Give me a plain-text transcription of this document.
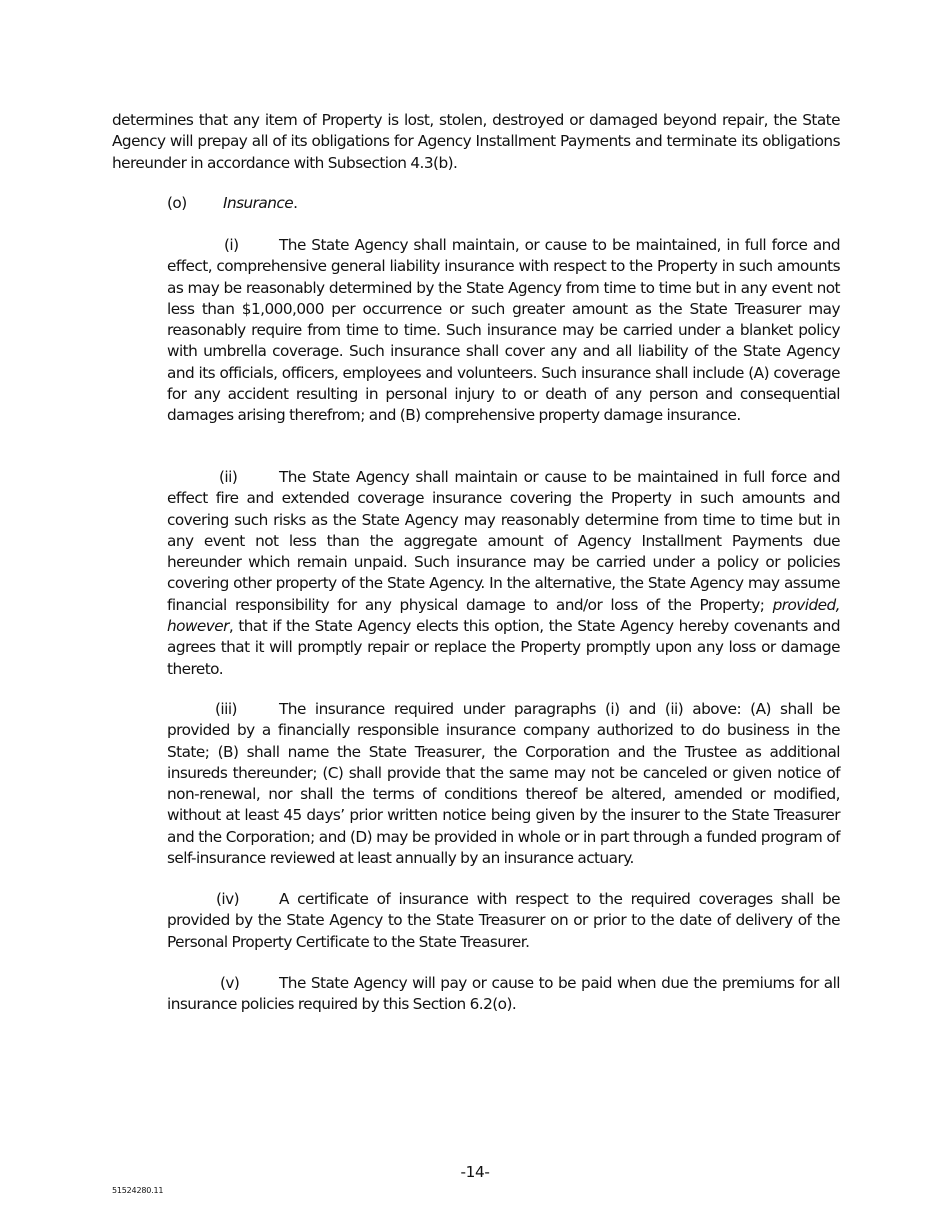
determines that any item of Property is lost, stolen, destroyed or damaged beyond repair, the State Agency will prepay all of its obligations for Agency Installment Payments and terminate its obligations hereunder in accordance with Subsection 4.3(b).

(o) Insurance.

(i)	The State Agency shall maintain, or cause to be maintained, in full force and effect, comprehensive general liability insurance with respect to the Property in such amounts as may be reasonably determined by the State Agency from time to time but in any event not less than $1,000,000 per occurrence or such greater amount as the State Treasurer may reasonably require from time to time. Such insurance may be carried under a blanket policy with umbrella coverage. Such insurance shall cover any and all liability of the State Agency and its officials, officers, employees and volunteers. Such insurance shall include (A) coverage for any accident resulting in personal injury to or death of any person and consequential damages arising therefrom; and (B) comprehensive property damage insurance.

(ii)	The State Agency shall maintain or cause to be maintained in full force and effect fire and extended coverage insurance covering the Property in such amounts and covering such risks as the State Agency may reasonably determine from time to time but in any event not less than the aggregate amount of Agency Installment Payments due hereunder which remain unpaid. Such insurance may be carried under a policy or policies covering other property of the State Agency. In the alternative, the State Agency may assume financial responsibility for any physical damage to and/or loss of the Property; provided, however, that if the State Agency elects this option, the State Agency hereby covenants and agrees that it will promptly repair or replace the Property promptly upon any loss or damage thereto.

(iii)	The insurance required under paragraphs (i) and (ii) above: (A) shall be provided by a financially responsible insurance company authorized to do business in the State; (B) shall name the State Treasurer, the Corporation and the Trustee as additional insureds thereunder; (C) shall provide that the same may not be canceled or given notice of non-renewal, nor shall the terms of conditions thereof be altered, amended or modified, without at least 45 days’ prior written notice being given by the insurer to the State Treasurer and the Corporation; and (D) may be provided in whole or in part through a funded program of self-insurance reviewed at least annually by an insurance actuary.

(iv)	A certificate of insurance with respect to the required coverages shall be provided by the State Agency to the State Treasurer on or prior to the date of delivery of the Personal Property Certificate to the State Treasurer.

(v)	The State Agency will pay or cause to be paid when due the premiums for all insurance policies required by this Section 6.2(o).

-14-
51524280.11
